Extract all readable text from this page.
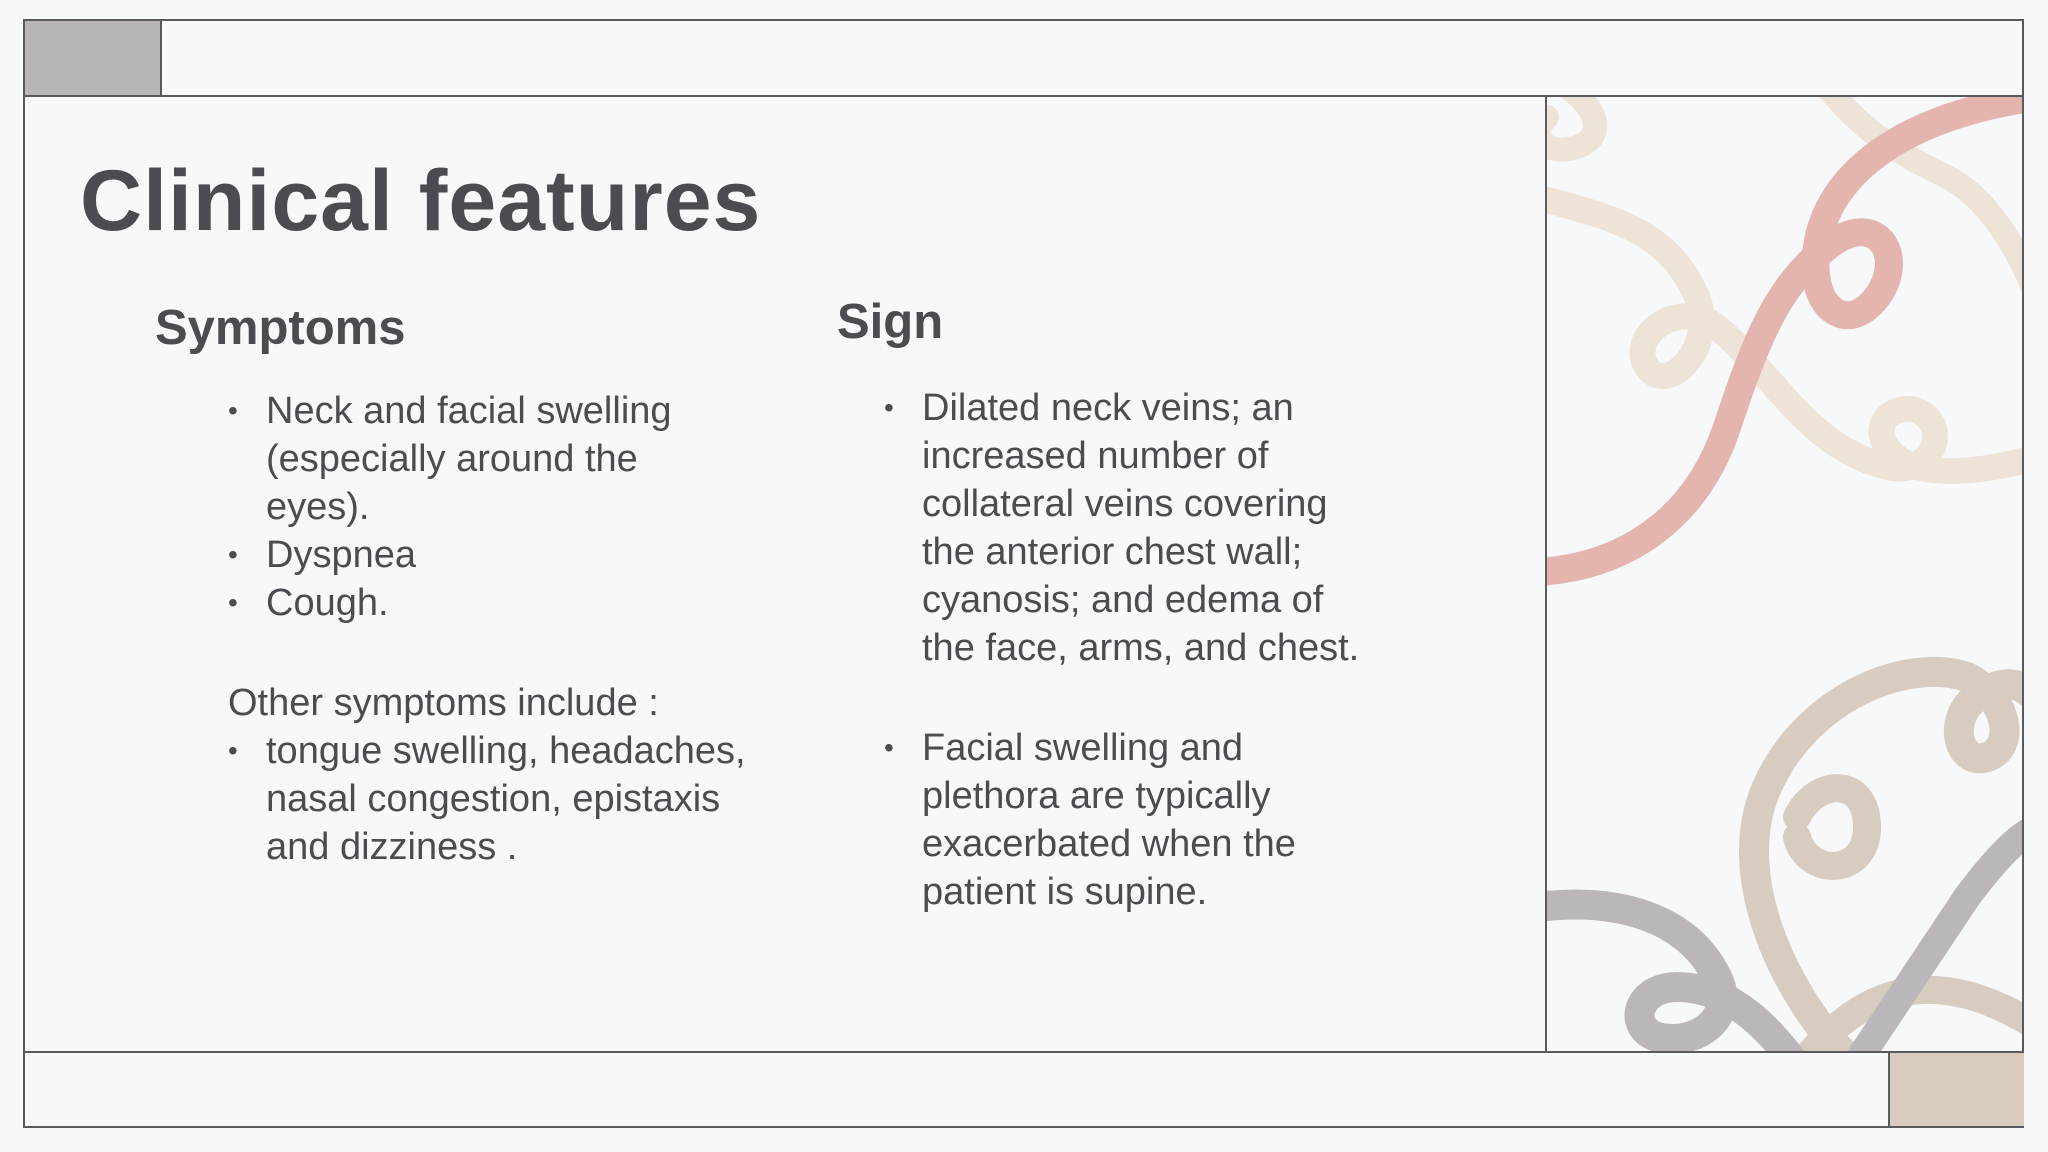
Clinical features
Symptoms	Sign
• Neck and facial swelling (especially around the eyes).
• Dyspnea
• Cough.
Other symptoms include :
• tongue swelling, headaches, nasal congestion, epistaxis and dizziness .
• Dilated neck veins; an increased number of collateral veins covering the anterior chest wall; cyanosis; and edema of the face, arms, and chest.
• Facial swelling and plethora are typically exacerbated when the patient is supine.
